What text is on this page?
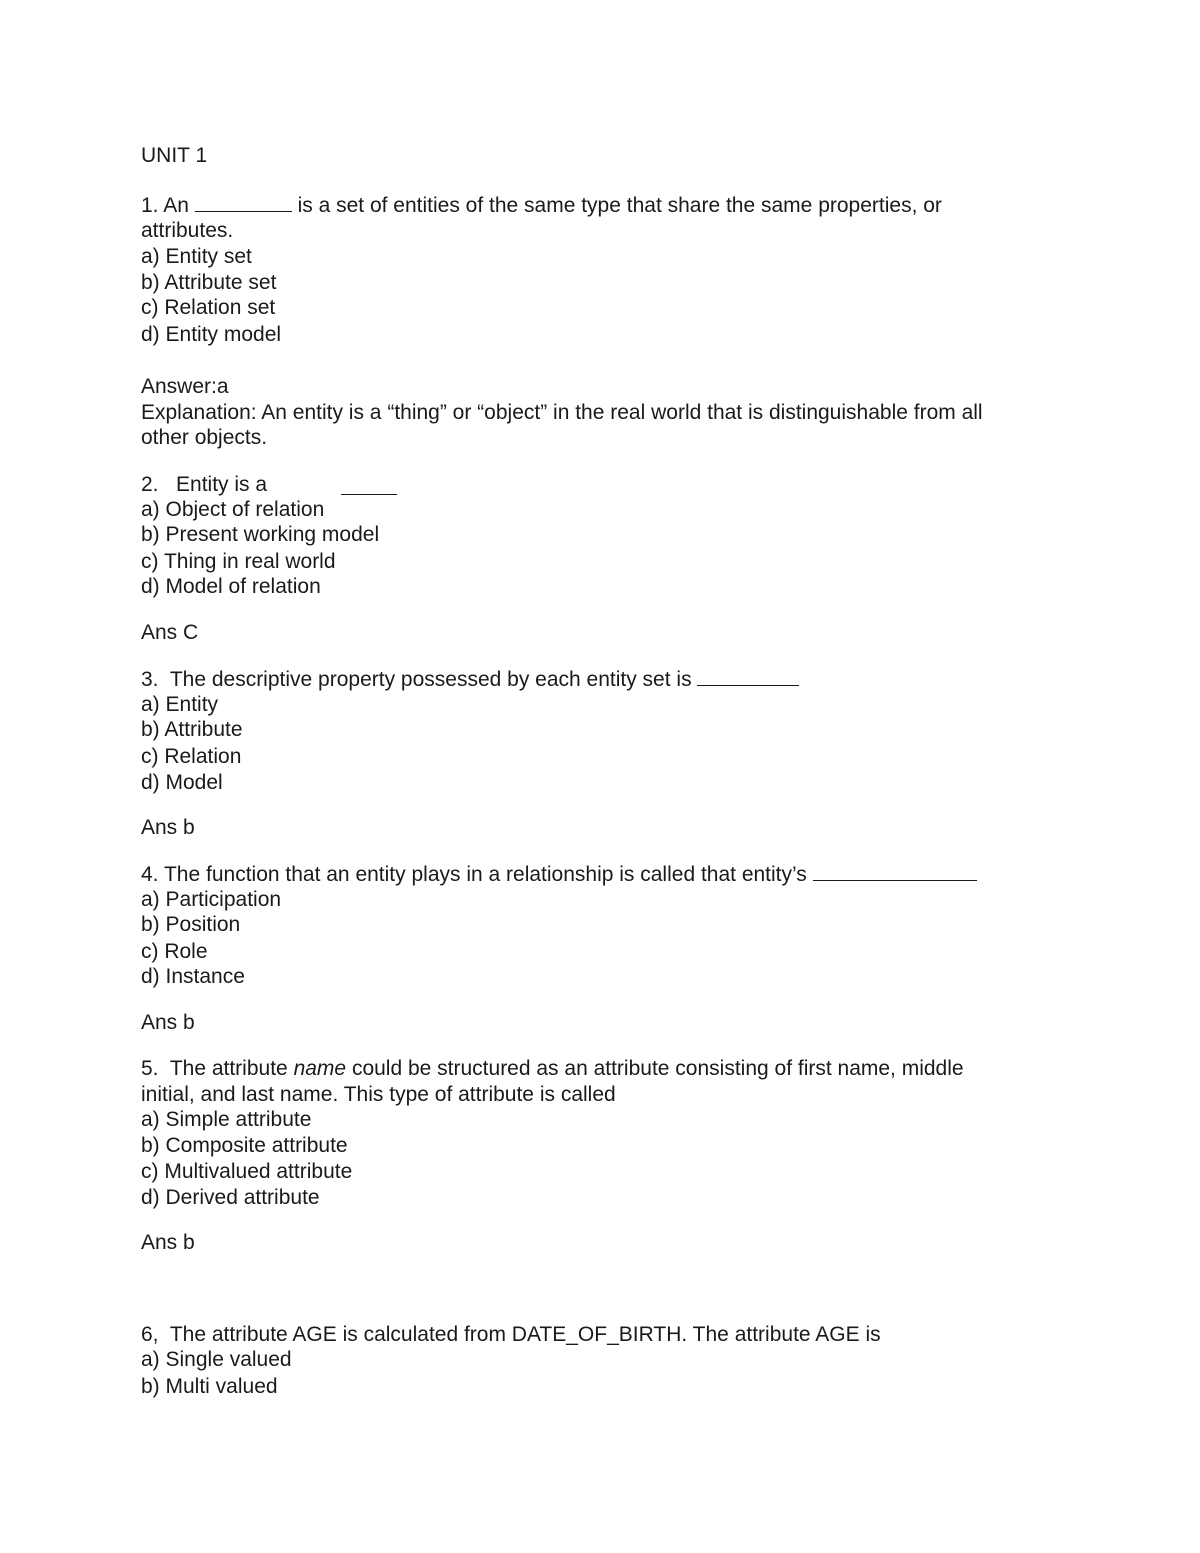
UNIT 1
1. An	is a set of entities of the same type that share the same properties, or
attributes.
a) Entity set
b) Attribute set
c) Relation set
d) Entity model
Answer:a
Explanation: An entity is a “thing” or “object” in the real world that is distinguishable from all
other objects.
2. Entity is a
a) Object of relation
b) Present working model
c) Thing in real world
d) Model of relation
Ans C
3. The descriptive property possessed by each entity set is
a) Entity
b) Attribute
c) Relation
d) Model
Ans b
4. The function that an entity plays in a relationship is called that entity’s
a) Participation
b) Position
c) Role
d) Instance
Ans b
5. The attribute name could be structured as an attribute consisting of first name, middle
initial, and last name. This type of attribute is called
a) Simple attribute
b) Composite attribute
c) Multivalued attribute
d) Derived attribute
Ans b
6, The attribute AGE is calculated from DATE_OF_BIRTH. The attribute AGE is
a) Single valued
b) Multi valued
